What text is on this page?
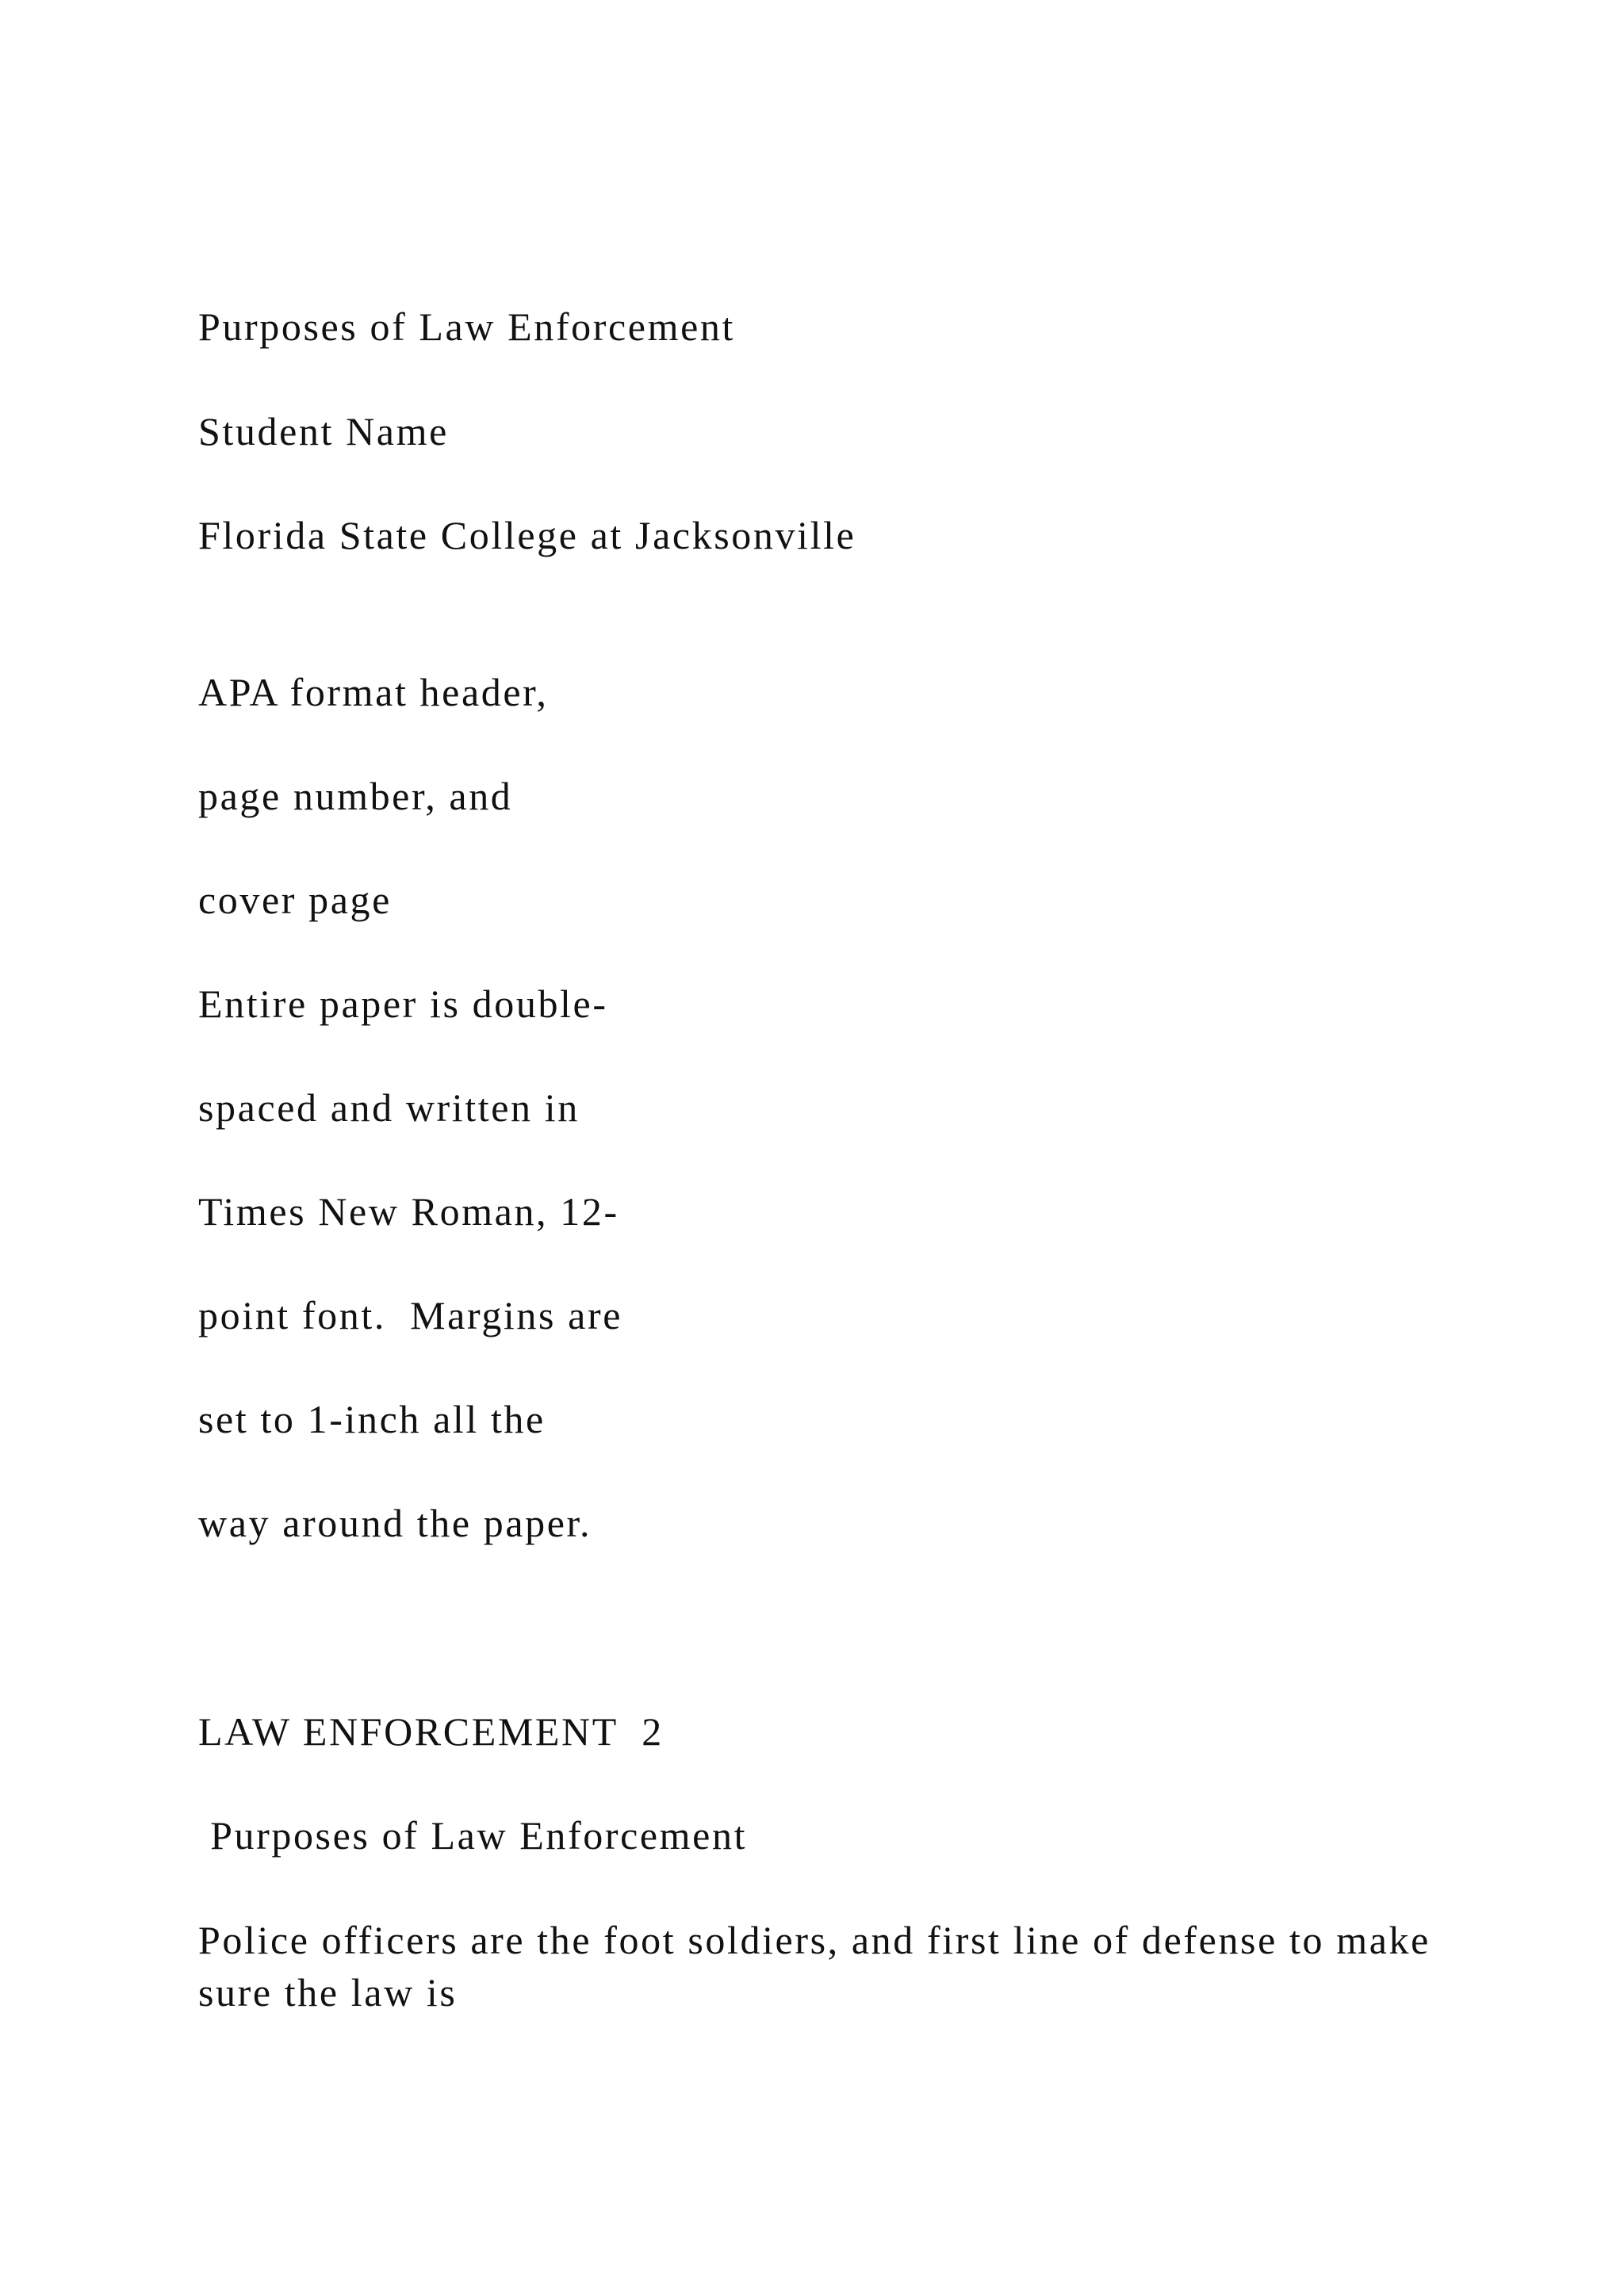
Purposes of Law Enforcement
Student Name
Florida State College at Jacksonville
APA format header,
page number, and
cover page
Entire paper is double-
spaced and written in
Times New Roman, 12-
point font.  Margins are
set to 1-inch all the
way around the paper.
LAW ENFORCEMENT  2
Purposes of Law Enforcement
Police officers are the foot soldiers, and first line of defense to make sure the law is
